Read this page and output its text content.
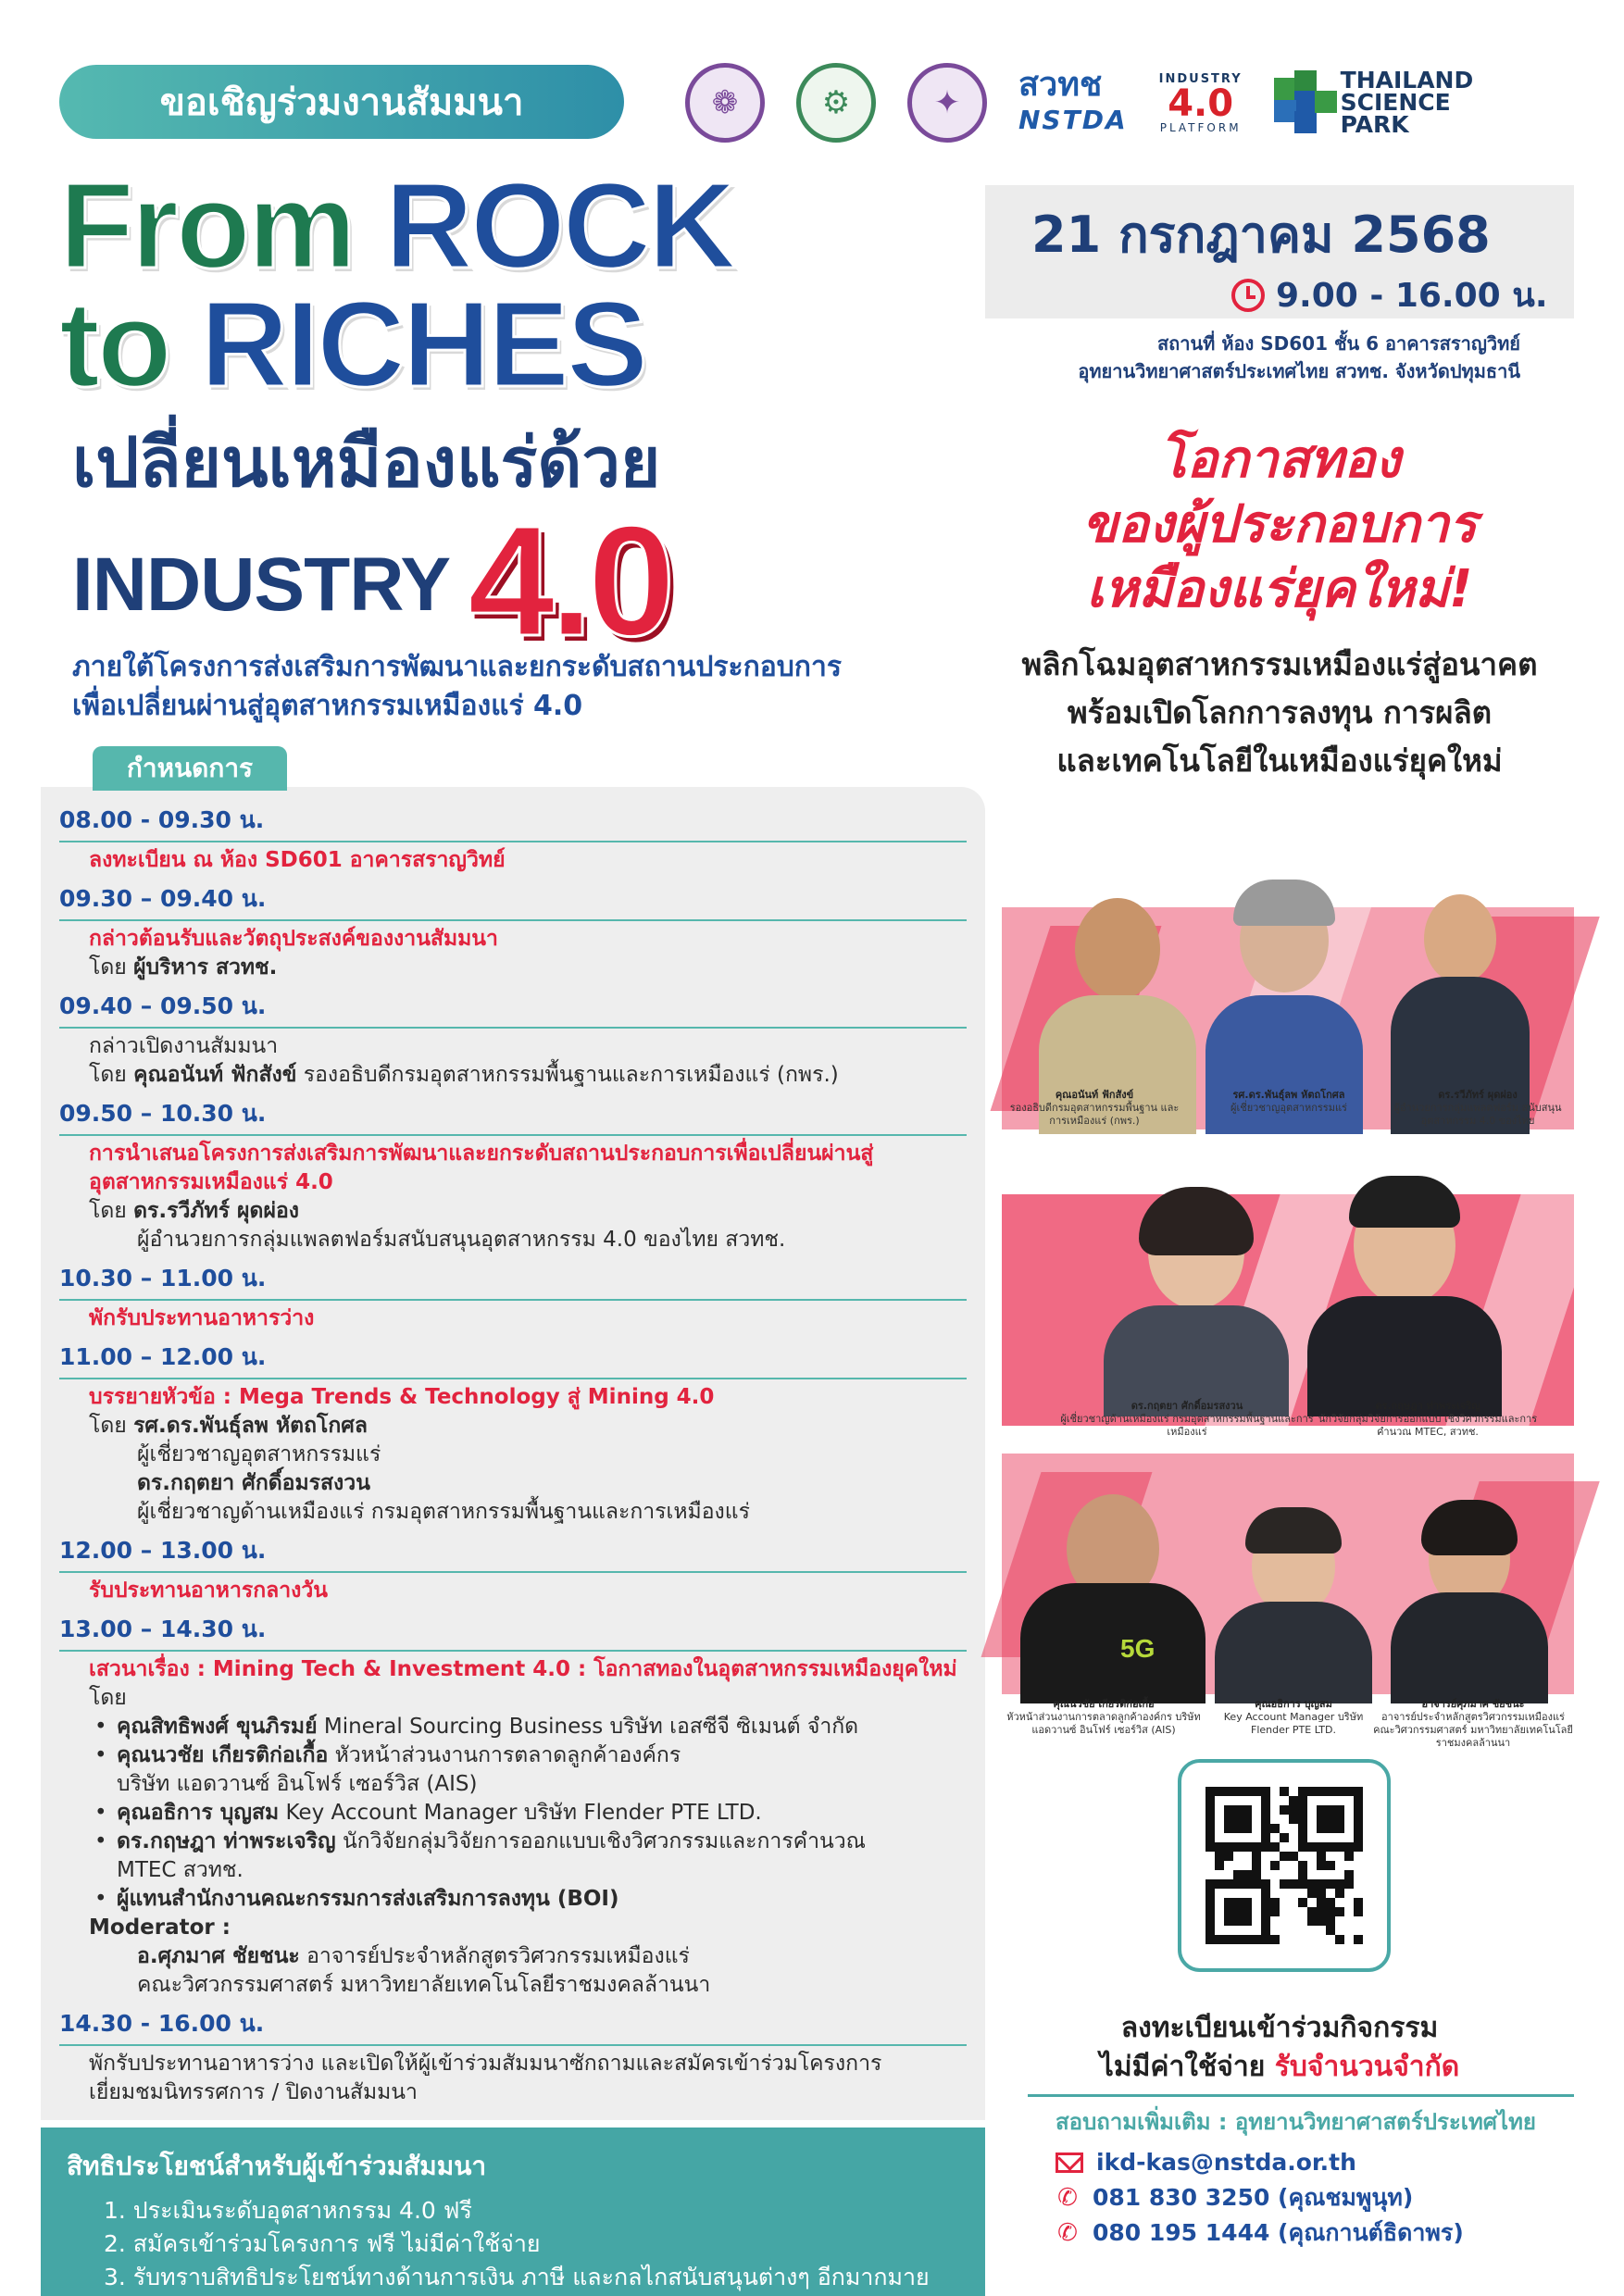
ขอเชิญร่วมงานสัมมนา	❁	⚙	✦	สวทช
NSTDA
INDUSTRY
4.0
PLATFORM
THAILAND
SCIENCE
PARK
From ROCK
to RICHES
เปลี่ยนเหมืองแร่ด้วย
INDUSTRY 4.0
ภายใต้โครงการส่งเสริมการพัฒนาและยกระดับสถานประกอบการ
เพื่อเปลี่ยนผ่านสู่อุตสาหกรรมเหมืองแร่ 4.0
21 กรกฎาคม 2568
9.00 - 16.00 น.
สถานที่ ห้อง SD601 ชั้น 6 อาคารสราญวิทย์
อุทยานวิทยาศาสตร์ประเทศไทย สวทช. จังหวัดปทุมธานี
โอกาสทอง
ของผู้ประกอบการ
เหมืองแร่ยุคใหม่!
พลิกโฉมอุตสาหกรรมเหมืองแร่สู่อนาคต
พร้อมเปิดโลกการลงทุน การผลิต
และเทคโนโลยีในเหมืองแร่ยุคใหม่
กำหนดการ
08.00 - 09.30 น.
ลงทะเบียน ณ ห้อง SD601 อาคารสราญวิทย์
09.30 – 09.40 น.
กล่าวต้อนรับและวัตถุประสงค์ของงานสัมมนา
โดย ผู้บริหาร สวทช.
09.40 – 09.50 น.
กล่าวเปิดงานสัมมนา
โดย คุณอนันท์ ฟักสังข์ รองอธิบดีกรมอุตสาหกรรมพื้นฐานและการเหมืองแร่ (กพร.)
09.50 – 10.30 น.
การนำเสนอโครงการส่งเสริมการพัฒนาและยกระดับสถานประกอบการเพื่อเปลี่ยนผ่านสู่อุตสาหกรรมเหมืองแร่ 4.0
โดย ดร.รวีภัทร์ ผุดผ่อง
ผู้อำนวยการกลุ่มแพลตฟอร์มสนับสนุนอุตสาหกรรม 4.0 ของไทย สวทช.
10.30 – 11.00 น.
พักรับประทานอาหารว่าง
11.00 – 12.00 น.
บรรยายหัวข้อ : Mega Trends & Technology สู่ Mining 4.0
โดย รศ.ดร.พันธุ์ลพ หัตถโกศล
ผู้เชี่ยวชาญอุตสาหกรรมแร่
ดร.กฤตยา ศักดิ์อมรสงวน
ผู้เชี่ยวชาญด้านเหมืองแร่ กรมอุตสาหกรรมพื้นฐานและการเหมืองแร่
12.00 – 13.00 น.
รับประทานอาหารกลางวัน
13.00 – 14.30 น.
เสวนาเรื่อง : Mining Tech & Investment 4.0 : โอกาสทองในอุตสาหกรรมเหมืองยุคใหม่
โดย
• คุณสิทธิพงศ์ ขุนภิรมย์ Mineral Sourcing Business บริษัท เอสซีจี ซิเมนต์ จำกัด
• คุณนวชัย เกียรติก่อเกื้อ หัวหน้าส่วนงานการตลาดลูกค้าองค์กร
บริษัท แอดวานซ์ อินโฟร์ เซอร์วิส (AIS)
• คุณอธิการ บุญสม Key Account Manager บริษัท Flender PTE LTD.
• ดร.กฤษฎา ท่าพระเจริญ นักวิจัยกลุ่มวิจัยการออกแบบเชิงวิศวกรรมและการคำนวณ
MTEC สวทช.
• ผู้แทนสำนักงานคณะกรรมการส่งเสริมการลงทุน (BOI)
Moderator :
อ.ศุภมาศ ชัยชนะ อาจารย์ประจำหลักสูตรวิศวกรรมเหมืองแร่
คณะวิศวกรรมศาสตร์ มหาวิทยาลัยเทคโนโลยีราชมงคลล้านนา
14.30 - 16.00 น.
พักรับประทานอาหารว่าง และเปิดให้ผู้เข้าร่วมสัมมนาซักถามและสมัครเข้าร่วมโครงการ
เยี่ยมชมนิทรรศการ / ปิดงานสัมมนา
สิทธิประโยชน์สำหรับผู้เข้าร่วมสัมมนา
1. ประเมินระดับอุตสาหกรรม 4.0 ฟรี
2. สมัครเข้าร่วมโครงการ ฟรี ไม่มีค่าใช้จ่าย
3. รับทราบสิทธิประโยชน์ทางด้านการเงิน ภาษี และกลไกสนับสนุนต่างๆ อีกมากมาย
คุณอนันท์ ฟักสังข์
รองอธิบดีกรมอุตสาหกรรมพื้นฐาน และการเหมืองแร่ (กพร.)
รศ.ดร.พันธุ์ลพ หัตถโกศล
ผู้เชี่ยวชาญอุตสาหกรรมแร่
ดร.รวีภัทร์ ผุดผ่อง
ผู้อำนวยการกลุ่มแพลตฟอร์ม สนับสนุนอุตสาหกรรม 4.0 ของไทย
ดร.กฤตยา ศักดิ์อมรสงวน
ผู้เชี่ยวชาญด้านเหมืองแร่ กรมอุตสาหกรรมพื้นฐานและการเหมืองแร่
ดร.กฤษฎา ท่าพระเจริญ
นักวิจัยกลุ่มวิจัยการออกแบบ เชิงวิศวกรรมและการคำนวณ MTEC, สวทช.
5G
คุณนวชัย เกียรติก่อเกื้อ
หัวหน้าส่วนงานการตลาดลูกค้าองค์กร บริษัท แอดวานซ์ อินโฟร์ เซอร์วิส (AIS)
คุณอธิการ บุญสม
Key Account Manager บริษัท Flender PTE LTD.
อาจารย์ศุภมาศ ชัยชนะ
อาจารย์ประจำหลักสูตรวิศวกรรมเหมืองแร่ คณะวิศวกรรมศาสตร์ มหาวิทยาลัยเทคโนโลยีราชมงคลล้านนา
ลงทะเบียนเข้าร่วมกิจกรรม
ไม่มีค่าใช้จ่าย รับจำนวนจำกัด
สอบถามเพิ่มเติม : อุทยานวิทยาศาสตร์ประเทศไทย
ikd-kas@nstda.or.th
✆ 081 830 3250 (คุณชมพูนุท)
✆ 080 195 1444 (คุณกานต์ธิดาพร)
